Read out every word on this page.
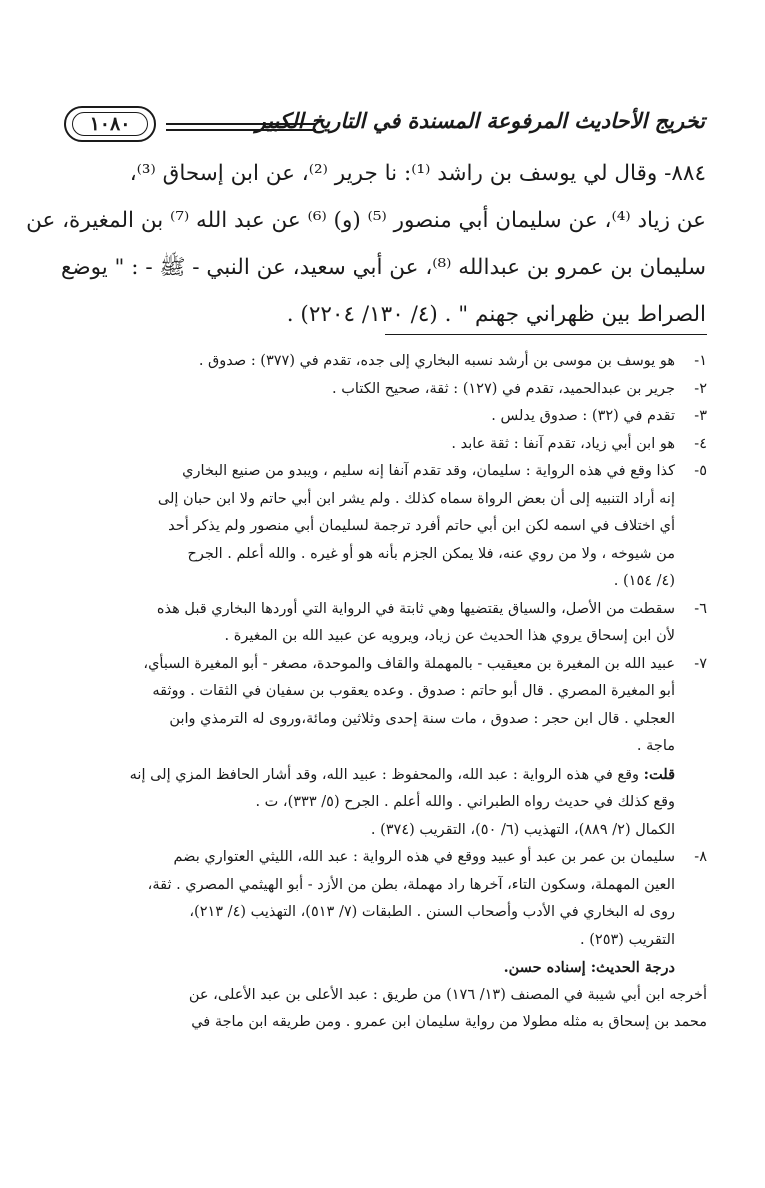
١٠٨٠	تخريج الأحاديث المرفوعة المسندة في التاريخ الكبير

٨٨٤- وقال لي يوسف بن راشد ⁽¹⁾: نا جرير ⁽²⁾، عن ابن إسحاق ⁽³⁾،

عن زياد ⁽⁴⁾، عن سليمان أبي منصور ⁽⁵⁾ (و) ⁽⁶⁾ عن عبد الله ⁽⁷⁾ بن المغيرة، عن

سليمان بن عمرو بن عبدالله ⁽⁸⁾، عن أبي سعيد، عن النبي - ﷺ - : " يوضع

الصراط بين ظهراني جهنم " . (٤/ ١٣٠/ ٢٢٠٤) .

١-هو يوسف بن موسى بن أرشد نسبه البخاري إلى جده، تقدم في (٣٧٧) : صدوق .
٢-جرير بن عبدالحميد، تقدم في (١٢٧) : ثقة، صحيح الكتاب .
٣-تقدم في (٣٢) : صدوق يدلس .
٤-هو ابن أبي زياد، تقدم آنفا : ثقة عابد .
٥-كذا وقع في هذه الرواية : سليمان، وقد تقدم آنفا إنه سليم ، ويبدو من صنيع البخاري
إنه أراد التنبيه إلى أن بعض الرواة سماه كذلك . ولم يشر ابن أبي حاتم ولا ابن حبان إلى
أي اختلاف في اسمه لكن ابن أبي حاتم أفرد ترجمة لسليمان أبي منصور ولم يذكر أحد
من شيوخه ، ولا من روي عنه، فلا يمكن الجزم بأنه هو أو غيره . والله أعلم . الجرح
(٤/ ١٥٤) .
٦-سقطت من الأصل، والسياق يقتضيها وهي ثابتة في الرواية التي أوردها البخاري قبل هذه
لأن ابن إسحاق يروي هذا الحديث عن زياد، ويرويه عن عبيد الله بن المغيرة .
٧-عبيد الله بن المغيرة بن معيقيب - بالمهملة والقاف والموحدة، مصغر - أبو المغيرة السبأي،
أبو المغيرة المصري . قال أبو حاتم : صدوق . وعده يعقوب بن سفيان في الثقات . ووثقه
العجلي . قال ابن حجر : صدوق ، مات سنة إحدى وثلاثين ومائة،وروى له الترمذي وابن
ماجة .
قلت: وقع في هذه الرواية : عبد الله، والمحفوظ : عبيد الله، وقد أشار الحافظ المزي إلى إنه
وقع كذلك في حديث رواه الطبراني . والله أعلم . الجرح (٥/ ٣٣٣)، ت .
الكمال (٢/ ٨٨٩)، التهذيب (٦/ ٥٠)، التقريب (٣٧٤) .
٨-سليمان بن عمر بن عبد أو عبيد ووقع في هذه الرواية : عبد الله، الليثي العتواري بضم
العين المهملة، وسكون التاء، آخرها راد مهملة، بطن من الأزد - أبو الهيثمي المصري . ثقة،
روى له البخاري في الأدب وأصحاب السنن . الطبقات (٧/ ٥١٣)، التهذيب (٤/ ٢١٣)،
التقريب (٢٥٣) .
درجة الحديث: إسناده حسن.
أخرجه ابن أبي شيبة في المصنف (١٣/ ١٧٦) من طريق : عبد الأعلى بن عبد الأعلى، عن
محمد بن إسحاق به مثله مطولا من رواية سليمان ابن عمرو . ومن طريقه ابن ماجة في
